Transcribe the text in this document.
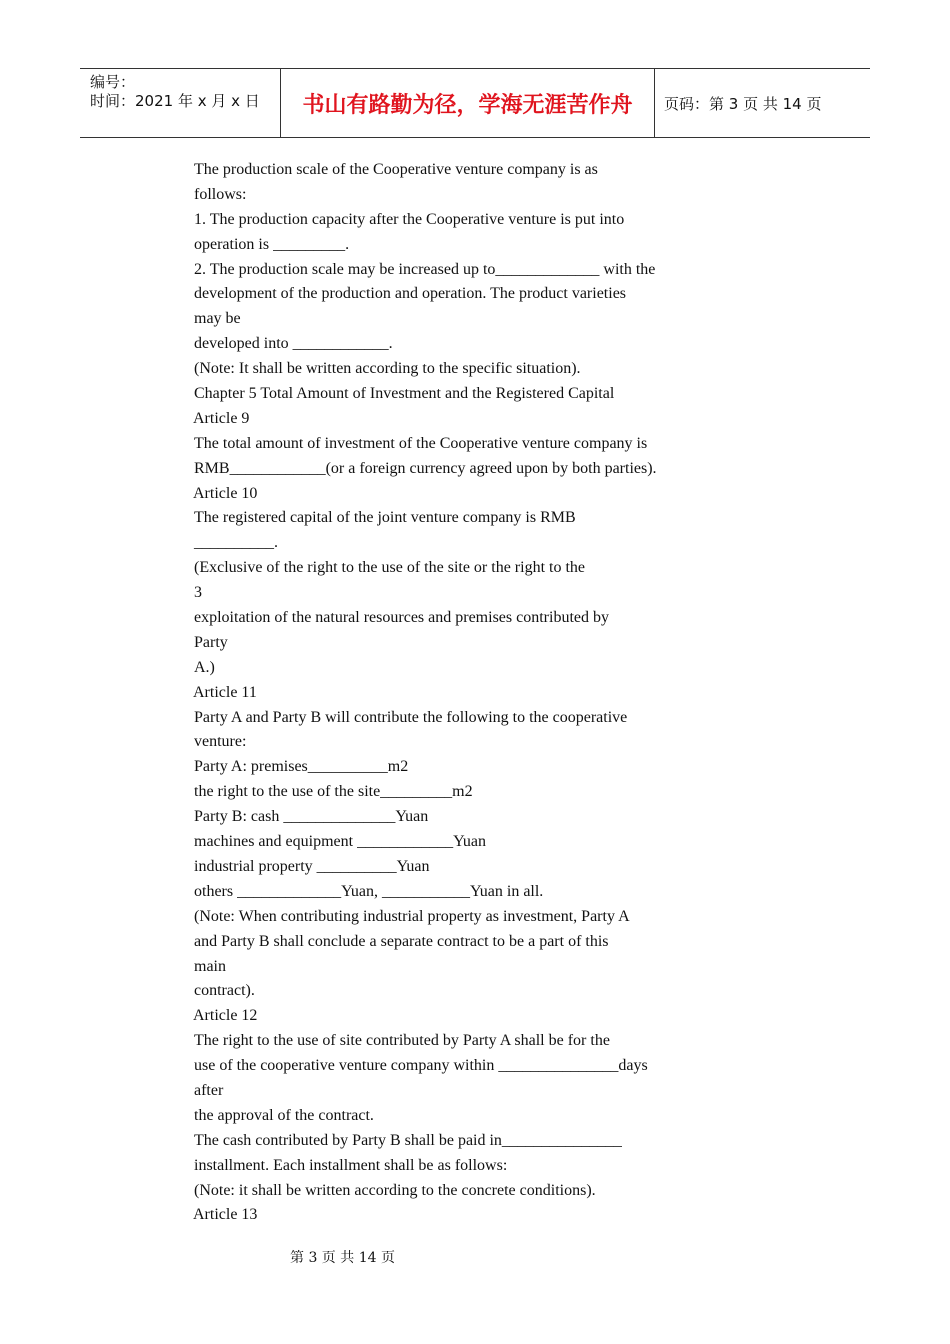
编号：
时间：2021 年 x 月 x 日	书山有路勤为径，学海无涯苦作舟	页码：第 3 页 共 14 页
The production scale of the Cooperative venture company is as
follows:
1. The production capacity after the Cooperative venture is put into
operation is _________.
2. The production scale may be increased up to_____________ with the
development of the production and operation. The product varieties
may be
developed into ____________.
(Note: It shall be written according to the specific situation).
Chapter 5 Total Amount of Investment and the Registered Capital
Article 9
The total amount of investment of the Cooperative venture company is
RMB____________(or a foreign currency agreed upon by both parties).
Article 10
The registered capital of the joint venture company is RMB
__________.
(Exclusive of the right to the use of the site or the right to the
3
exploitation of the natural resources and premises contributed by
Party
A.)
Article 11
Party A and Party B will contribute the following to the cooperative
venture:
Party A: premises__________m2
the right to the use of the site_________m2
Party B: cash ______________Yuan
machines and equipment ____________Yuan
industrial property __________Yuan
others _____________Yuan, ___________Yuan in all.
(Note: When contributing industrial property as investment, Party A
and Party B shall conclude a separate contract to be a part of this
main
contract).
Article 12
The right to the use of site contributed by Party A shall be for the
use of the cooperative venture company within _______________days
after
the approval of the contract.
The cash contributed by Party B shall be paid in_______________
installment. Each installment shall be as follows:
(Note: it shall be written according to the concrete conditions).
Article 13
第 3 页 共 14 页
